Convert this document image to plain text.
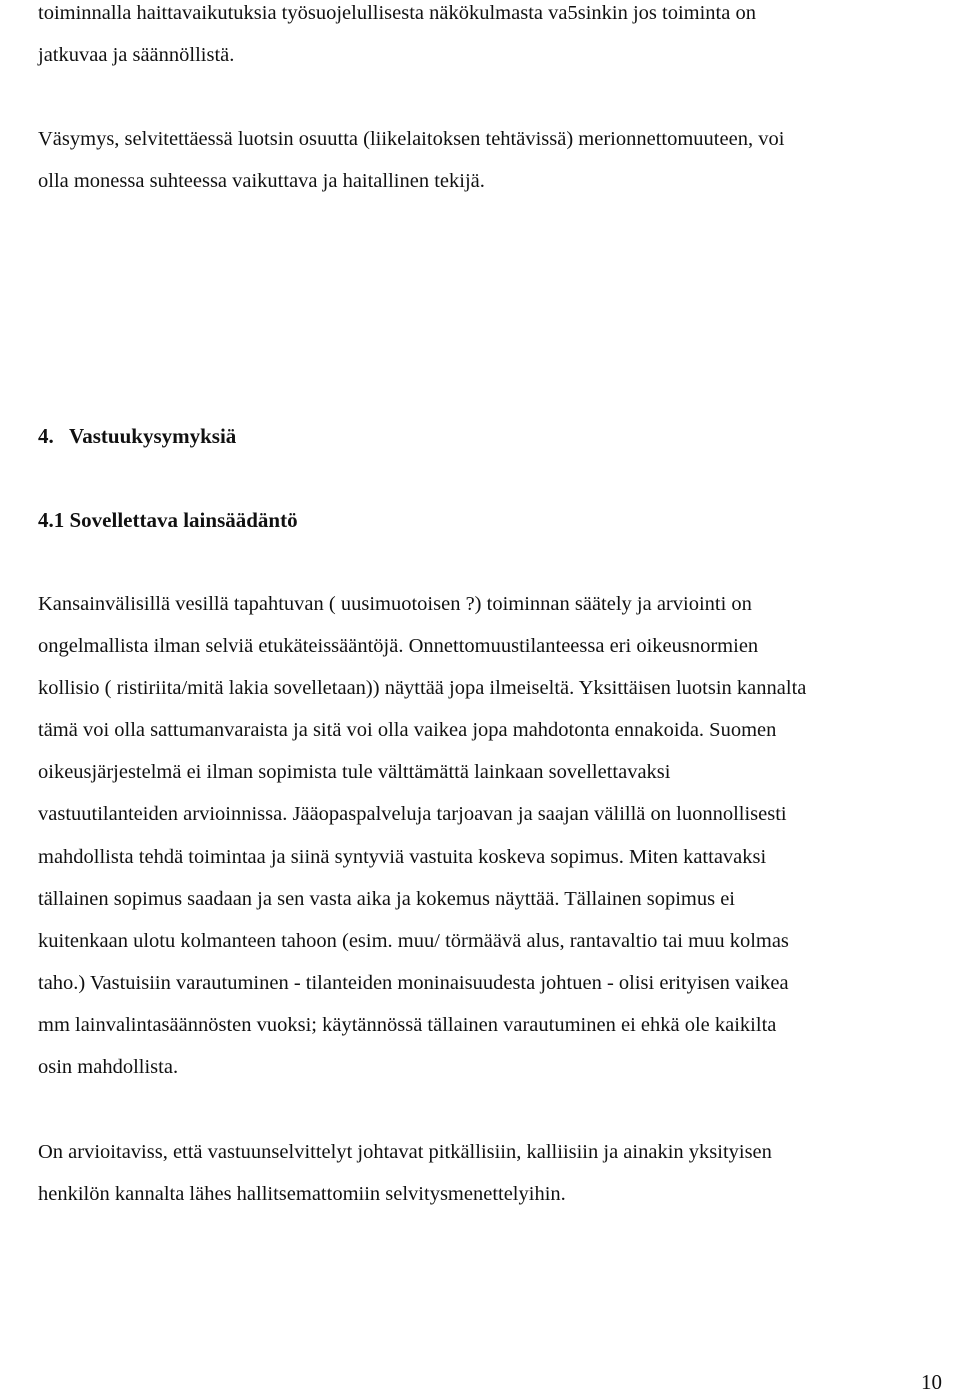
toiminnalla haittavaikutuksia työsuojelullisesta näkökulmasta va5sinkin jos toiminta on
jatkuvaa ja säännöllistä.
Väsymys, selvitettäessä luotsin osuutta (liikelaitoksen tehtävissä) merionnettomuuteen, voi
olla monessa suhteessa vaikuttava ja haitallinen tekijä.
4. Vastuukysymyksiä
4.1 Sovellettava lainsäädäntö
Kansainvälisillä vesillä tapahtuvan ( uusimuotoisen ?) toiminnan säätely ja arviointi on
ongelmallista ilman selviä etukäteissääntöjä. Onnettomuustilanteessa eri oikeusnormien
kollisio ( ristiriita/mitä lakia sovelletaan)) näyttää jopa ilmeiseltä. Yksittäisen luotsin kannalta
tämä voi olla sattumanvaraista ja sitä voi olla vaikea jopa mahdotonta ennakoida. Suomen
oikeusjärjestelmä ei ilman sopimista tule välttämättä lainkaan sovellettavaksi
vastuutilanteiden arvioinnissa. Jääopaspalveluja tarjoavan ja saajan välillä on luonnollisesti
mahdollista tehdä toimintaa ja siinä syntyviä vastuita koskeva sopimus. Miten kattavaksi
tällainen sopimus saadaan ja sen vasta aika ja kokemus näyttää. Tällainen sopimus ei
kuitenkaan ulotu kolmanteen tahoon (esim. muu/ törmäävä alus, rantavaltio tai muu kolmas
taho.) Vastuisiin varautuminen - tilanteiden moninaisuudesta johtuen - olisi erityisen vaikea
mm lainvalintasäännösten vuoksi; käytännössä tällainen varautuminen ei ehkä ole kaikilta
osin mahdollista.
On arvioitaviss, että vastuunselvittelyt johtavat pitkällisiin, kalliisiin ja ainakin yksityisen
henkilön kannalta lähes hallitsemattomiin selvitysmenettelyihin.
10
